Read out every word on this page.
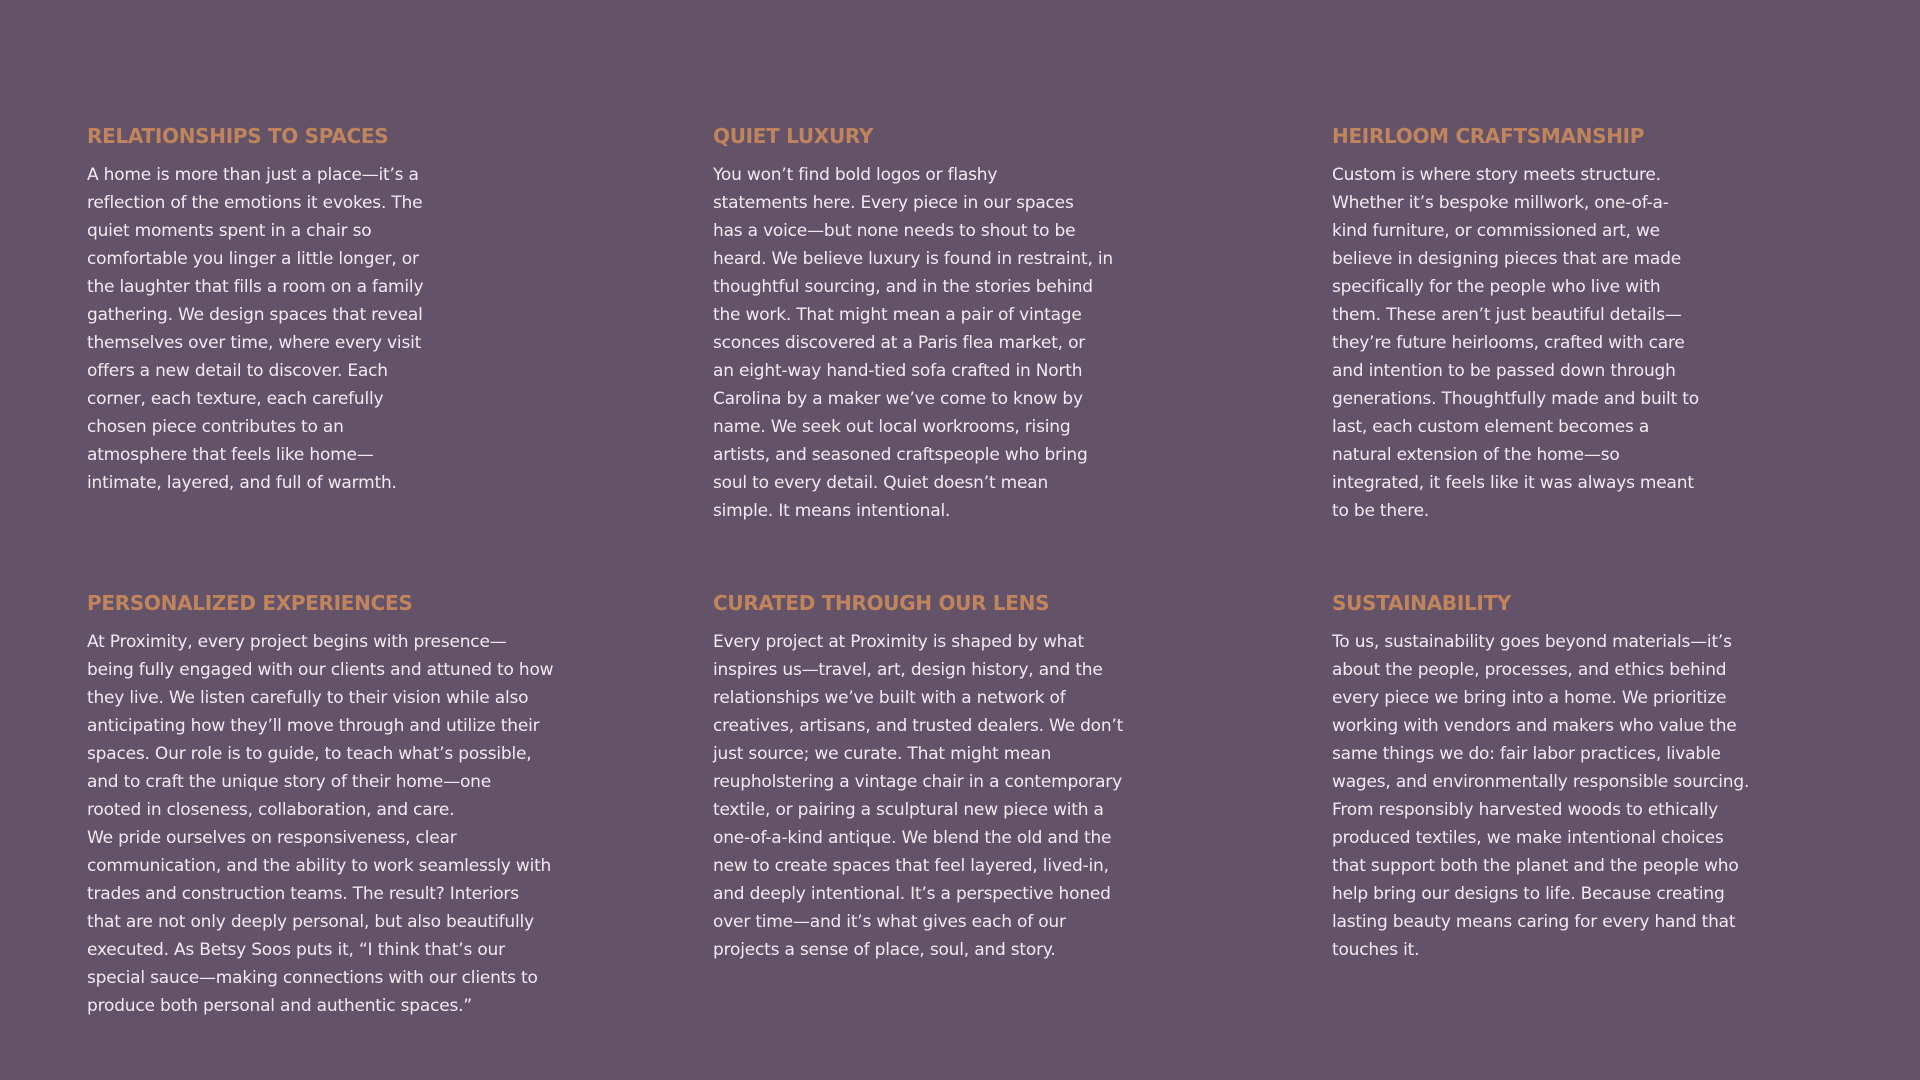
RELATIONSHIPS TO SPACES

A home is more than just a place—it’s a
reflection of the emotions it evokes. The
quiet moments spent in a chair so
comfortable you linger a little longer, or
the laughter that fills a room on a family
gathering. We design spaces that reveal
themselves over time, where every visit
offers a new detail to discover. Each
corner, each texture, each carefully
chosen piece contributes to an
atmosphere that feels like home—
intimate, layered, and full of warmth.

QUIET LUXURY

You won’t find bold logos or flashy
statements here. Every piece in our spaces
has a voice—but none needs to shout to be
heard. We believe luxury is found in restraint, in
thoughtful sourcing, and in the stories behind
the work. That might mean a pair of vintage
sconces discovered at a Paris flea market, or
an eight-way hand-tied sofa crafted in North
Carolina by a maker we’ve come to know by
name. We seek out local workrooms, rising
artists, and seasoned craftspeople who bring
soul to every detail. Quiet doesn’t mean
simple. It means intentional.

HEIRLOOM CRAFTSMANSHIP

Custom is where story meets structure.
Whether it’s bespoke millwork, one-of-a-
kind furniture, or commissioned art, we
believe in designing pieces that are made
specifically for the people who live with
them. These aren’t just beautiful details—
they’re future heirlooms, crafted with care
and intention to be passed down through
generations. Thoughtfully made and built to
last, each custom element becomes a
natural extension of the home—so
integrated, it feels like it was always meant
to be there.

PERSONALIZED EXPERIENCES

At Proximity, every project begins with presence—
being fully engaged with our clients and attuned to how
they live. We listen carefully to their vision while also
anticipating how they’ll move through and utilize their
spaces. Our role is to guide, to teach what’s possible,
and to craft the unique story of their home—one
rooted in closeness, collaboration, and care.
We pride ourselves on responsiveness, clear
communication, and the ability to work seamlessly with
trades and construction teams. The result? Interiors
that are not only deeply personal, but also beautifully
executed. As Betsy Soos puts it, “I think that’s our
special sauce—making connections with our clients to
produce both personal and authentic spaces.”

CURATED THROUGH OUR LENS

Every project at Proximity is shaped by what
inspires us—travel, art, design history, and the
relationships we’ve built with a network of
creatives, artisans, and trusted dealers. We don’t
just source; we curate. That might mean
reupholstering a vintage chair in a contemporary
textile, or pairing a sculptural new piece with a
one-of-a-kind antique. We blend the old and the
new to create spaces that feel layered, lived-in,
and deeply intentional. It’s a perspective honed
over time—and it’s what gives each of our
projects a sense of place, soul, and story.

SUSTAINABILITY

To us, sustainability goes beyond materials—it’s
about the people, processes, and ethics behind
every piece we bring into a home. We prioritize
working with vendors and makers who value the
same things we do: fair labor practices, livable
wages, and environmentally responsible sourcing.
From responsibly harvested woods to ethically
produced textiles, we make intentional choices
that support both the planet and the people who
help bring our designs to life. Because creating
lasting beauty means caring for every hand that
touches it.
